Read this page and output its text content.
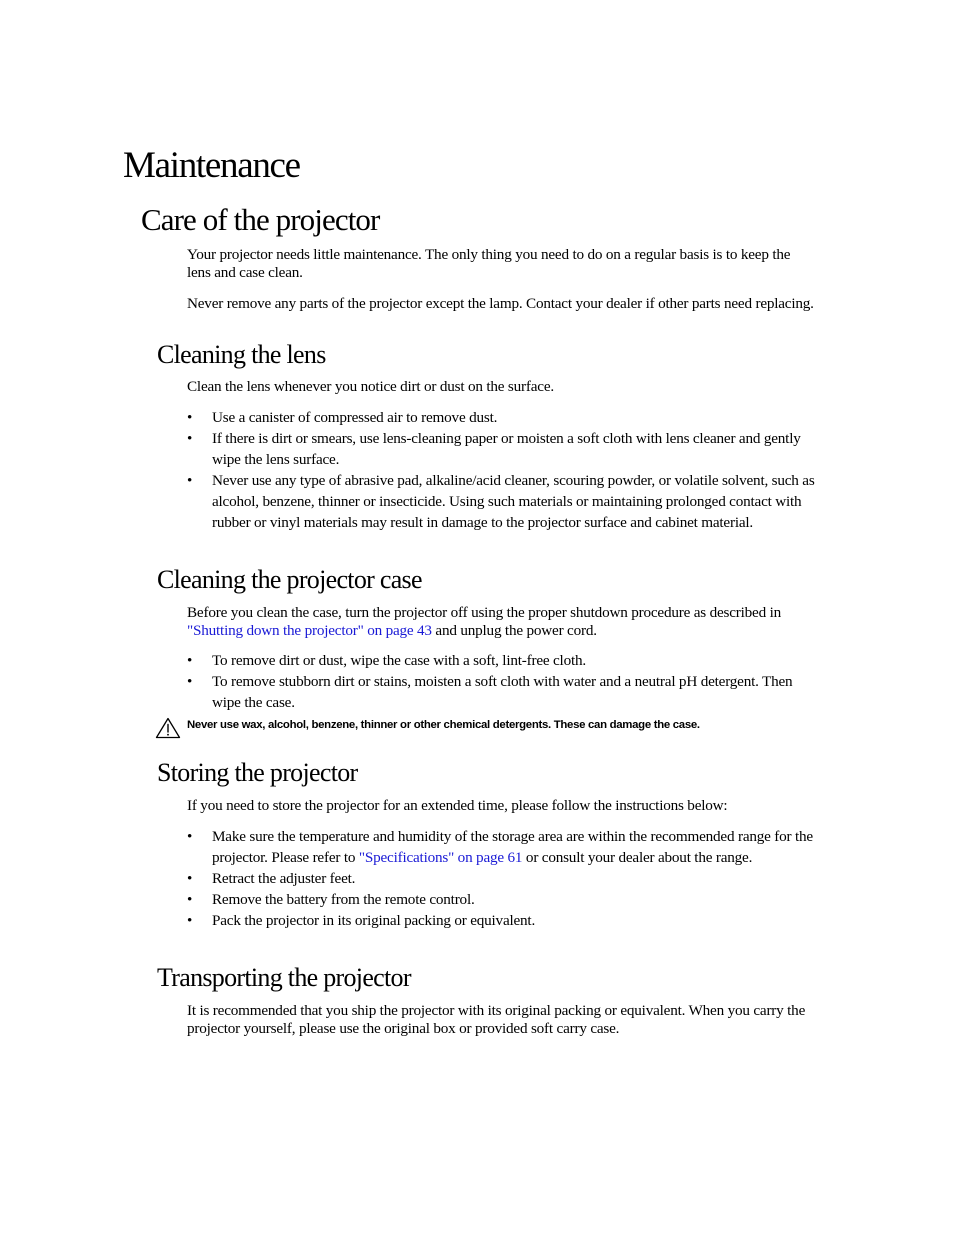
Maintenance
Care of the projector

Your projector needs little maintenance. The only thing you need to do on a regular basis is to keep the lens and case clean.

Never remove any parts of the projector except the lamp. Contact your dealer if other parts need replacing.

Cleaning the lens

Clean the lens whenever you notice dirt or dust on the surface.

• Use a canister of compressed air to remove dust.
• If there is dirt or smears, use lens-cleaning paper or moisten a soft cloth with lens cleaner and gently wipe the lens surface.
• Never use any type of abrasive pad, alkaline/acid cleaner, scouring powder, or volatile solvent, such as alcohol, benzene, thinner or insecticide. Using such materials or maintaining prolonged contact with rubber or vinyl materials may result in damage to the projector surface and cabinet material.
Cleaning the projector case

Before you clean the case, turn the projector off using the proper shutdown procedure as described in "Shutting down the projector" on page 43 and unplug the power cord.

• To remove dirt or dust, wipe the case with a soft, lint-free cloth.
• To remove stubborn dirt or stains, moisten a soft cloth with water and a neutral pH detergent. Then wipe the case.

Never use wax, alcohol, benzene, thinner or other chemical detergents. These can damage the case.

Storing the projector

If you need to store the projector for an extended time, please follow the instructions below:

• Make sure the temperature and humidity of the storage area are within the recommended range for the projector. Please refer to "Specifications" on page 61 or consult your dealer about the range.
• Retract the adjuster feet.
• Remove the battery from the remote control.
• Pack the projector in its original packing or equivalent.
Transporting the projector

It is recommended that you ship the projector with its original packing or equivalent. When you carry the projector yourself, please use the original box or provided soft carry case.
